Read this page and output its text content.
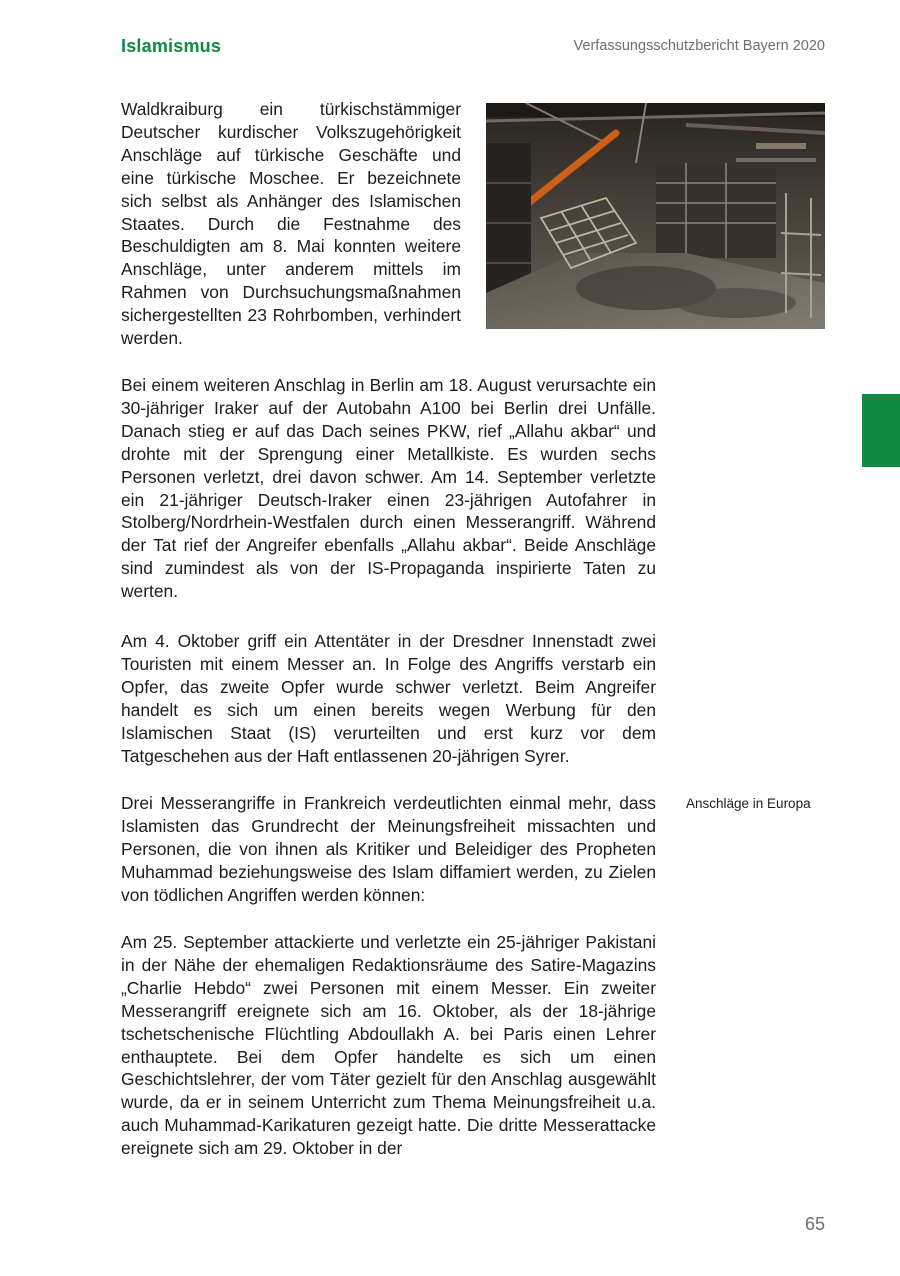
Islamismus	Verfassungsschutzbericht Bayern 2020

Waldkraiburg ein türkischstämmiger Deutscher kurdischer Volkszugehörigkeit Anschläge auf türkische Geschäfte und eine türkische Moschee. Er bezeichnete sich selbst als Anhänger des Islamischen Staates. Durch die Festnahme des Beschuldigten am 8. Mai konnten weitere Anschläge, unter anderem mittels im Rahmen von Durchsuchungsmaßnahmen sichergestellten 23 Rohrbomben, verhindert werden.

Bei einem weiteren Anschlag in Berlin am 18. August verursachte ein 30-jähriger Iraker auf der Autobahn A100 bei Berlin drei Unfälle. Danach stieg er auf das Dach seines PKW, rief „Allahu akbar“ und drohte mit der Sprengung einer Metallkiste. Es wurden sechs Personen verletzt, drei davon schwer. Am 14. September verletzte ein 21-jähriger Deutsch-Iraker einen 23-jährigen Autofahrer in Stolberg/Nordrhein-Westfalen durch einen Messerangriff. Während der Tat rief der Angreifer ebenfalls „Allahu akbar“. Beide Anschläge sind zumindest als von der IS-Propaganda inspirierte Taten zu werten.

Am 4. Oktober griff ein Attentäter in der Dresdner Innenstadt zwei Touristen mit einem Messer an. In Folge des Angriffs verstarb ein Opfer, das zweite Opfer wurde schwer verletzt. Beim Angreifer handelt es sich um einen bereits wegen Werbung für den Islamischen Staat (IS) verurteilten und erst kurz vor dem Tatgeschehen aus der Haft entlassenen 20-jährigen Syrer.

Drei Messerangriffe in Frankreich verdeutlichten einmal mehr, dass Islamisten das Grundrecht der Meinungsfreiheit missachten und Personen, die von ihnen als Kritiker und Beleidiger des Propheten Muhammad beziehungsweise des Islam diffamiert werden, zu Zielen von tödlichen Angriffen werden können:

Am 25. September attackierte und verletzte ein 25-jähriger Pakistani in der Nähe der ehemaligen Redaktionsräume des Satire-Magazins „Charlie Hebdo“ zwei Personen mit einem Messer. Ein zweiter Messerangriff ereignete sich am 16. Oktober, als der 18-jährige tschetschenische Flüchtling Abdoullakh A. bei Paris einen Lehrer enthauptete. Bei dem Opfer handelte es sich um einen Geschichtslehrer, der vom Täter gezielt für den Anschlag ausgewählt wurde, da er in seinem Unterricht zum Thema Meinungsfreiheit u.a. auch Muhammad-Karikaturen gezeigt hatte. Die dritte Messerattacke ereignete sich am 29. Oktober in der

Anschläge in Europa
65
